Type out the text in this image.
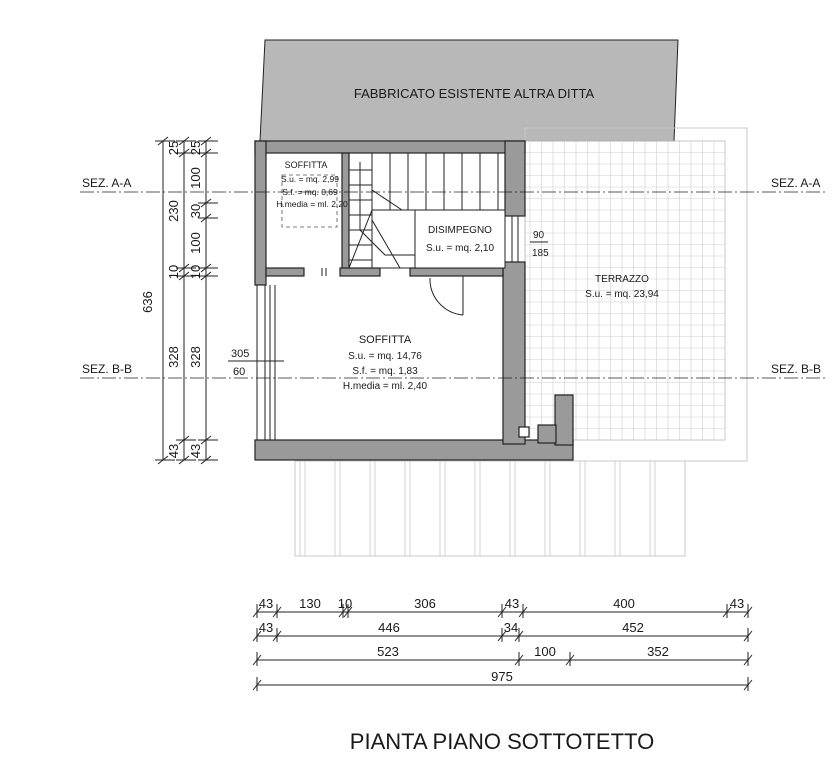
FABBRICATO ESISTENTE ALTRA DITTA
TERRAZZO
S.u. = mq. 23,94
DISIMPEGNO
S.u. = mq. 2,10
90
185
SOFFITTA
S.u. = mq. 2,99
S.f. = mq. 0,69
H.media = ml. 2,20
SOFFITTA
S.u. = mq. 14,76
S.f. = mq. 1,83
H.media = ml. 2,40
305
60
SEZ. A-A	SEZ. A-A
SEZ. B-B	SEZ. B-B
636
25
230
10
328
43
25
100
30
100
10
328
43
43 130 10	306	43	400	43
43	446	34	452
523	100	352
975
PIANTA PIANO SOTTOTETTO
